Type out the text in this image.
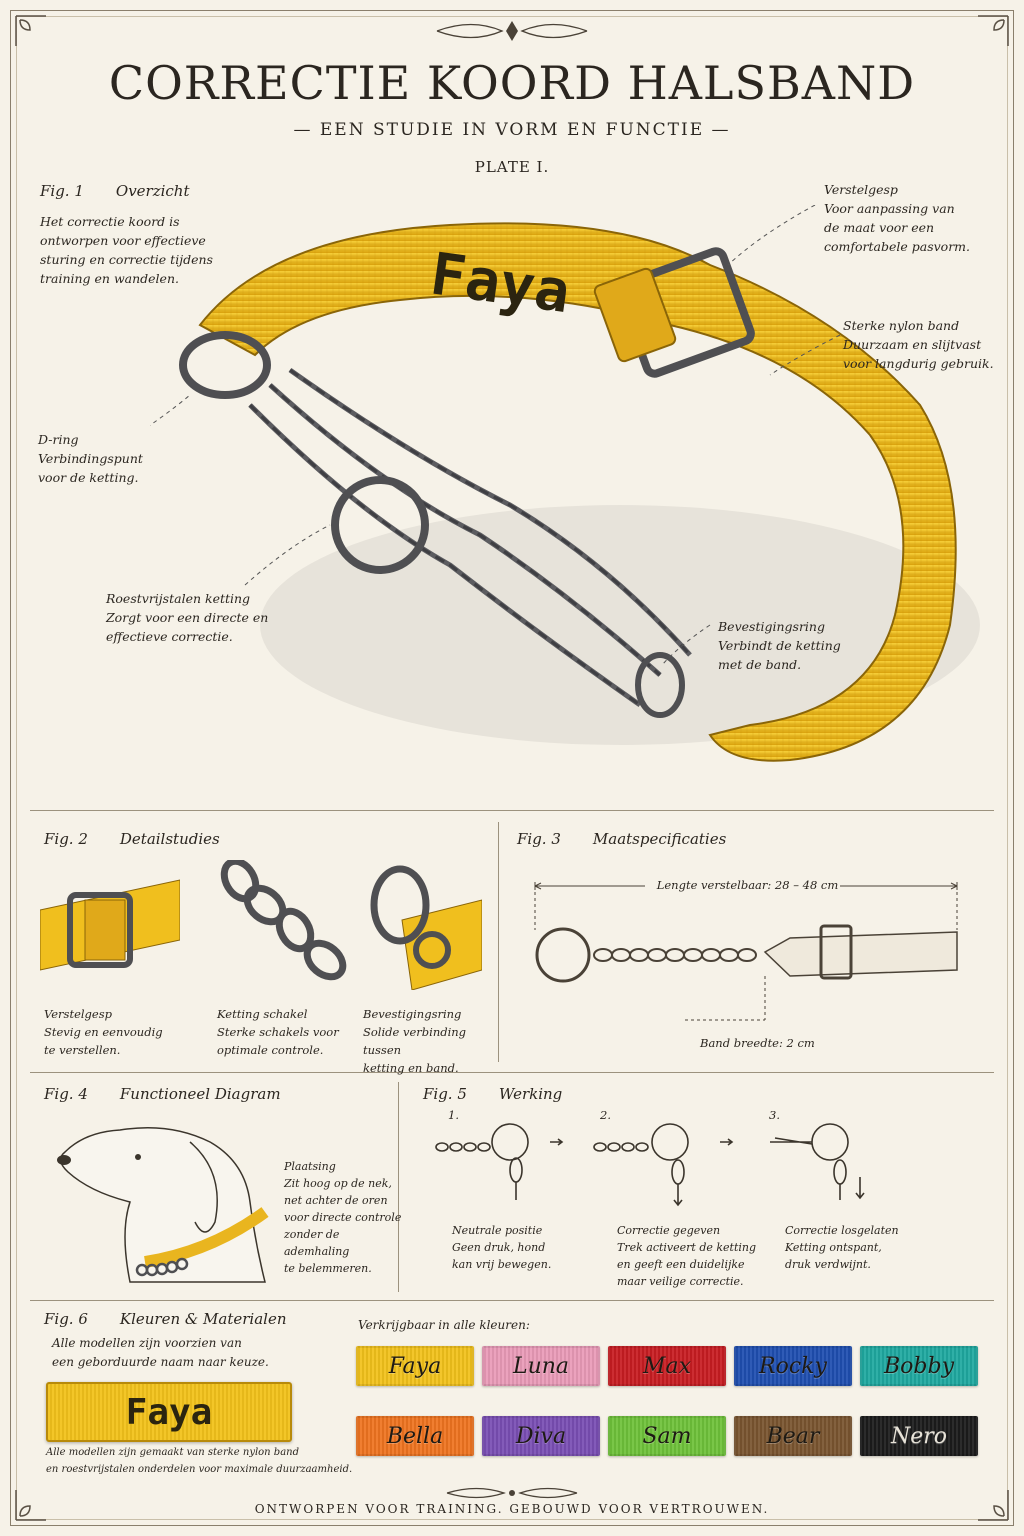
CORRECTIE KOORD HALSBAND
— EEN STUDIE IN VORM EN FUNCTIE —
PLATE I.
Fig. 1 Overzicht
Het correctie koord is
ontworpen voor effectieve
sturing en correctie tijdens
training en wandelen.	Faya
Verstelgesp
Voor aanpassing van
de maat voor een
comfortabele pasvorm.
Sterke nylon band
Duurzaam en slijtvast
voor langdurig gebruik.
D-ring
Verbindingspunt
voor de ketting.
Roestvrijstalen ketting
Zorgt voor een directe en
effectieve correctie.
Bevestigingsring
Verbindt de ketting
met de band.
Fig. 2 Detailstudies
Verstelgesp
Stevig en eenvoudig
te verstellen.
Ketting schakel
Sterke schakels voor
optimale controle.
Bevestigingsring
Solide verbinding tussen
ketting en band.
Fig. 3 Maatspecificaties
Lengte verstelbaar: 28 – 48 cm
Band breedte: 2 cm
Fig. 4 Functioneel Diagram
Plaatsing
Zit hoog op de nek,
net achter de oren
voor directe controle
zonder de ademhaling
te belemmeren.
Fig. 5 Werking
1.	2.	3.
Neutrale positie
Geen druk, hond
kan vrij bewegen.
Correctie gegeven
Trek activeert de ketting
en geeft een duidelijke
maar veilige correctie.
Correctie losgelaten
Ketting ontspant,
druk verdwijnt.
Fig. 6 Kleuren & Materialen
Alle modellen zijn voorzien van
een geborduurde naam naar keuze.
Faya
Alle modellen zijn gemaakt van sterke nylon band
en roestvrijstalen onderdelen voor maximale duurzaamheid.
Verkrijgbaar in alle kleuren:
Faya	Luna	Max	Rocky	Bobby
Bella	Diva	Sam	Bear	Nero
ONTWORPEN VOOR TRAINING. GEBOUWD VOOR VERTROUWEN.
